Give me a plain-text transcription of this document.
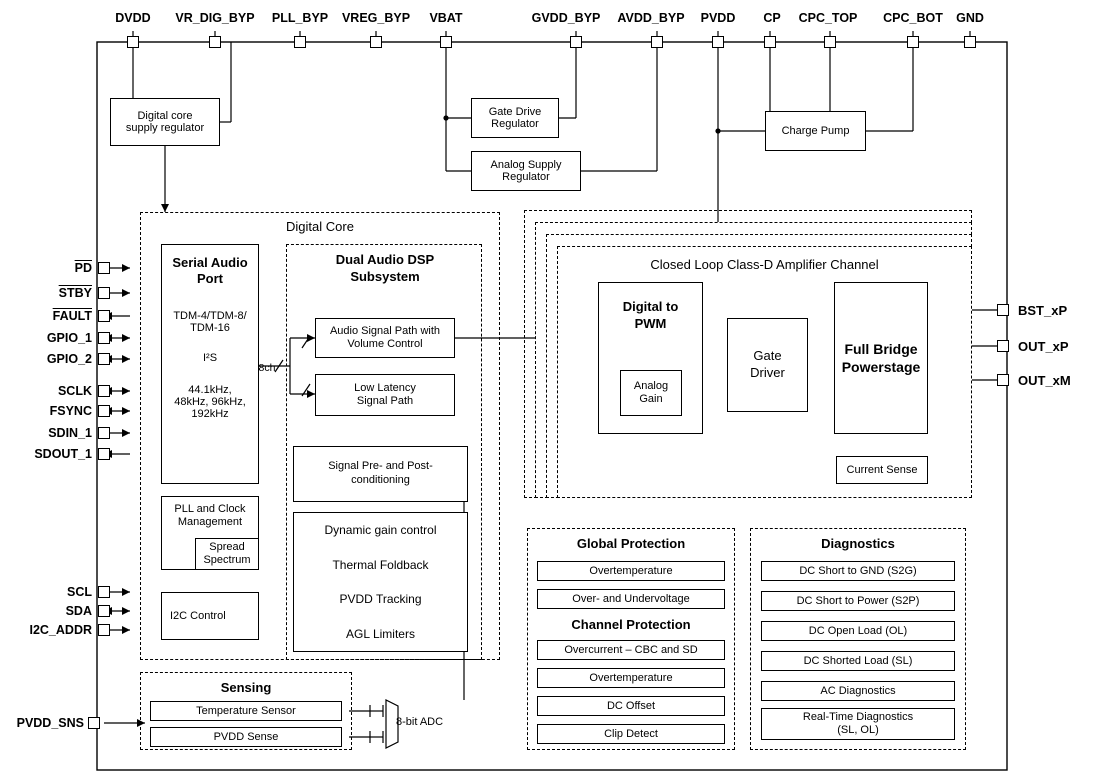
DVDD	VR_DIG_BYP	PLL_BYP	VREG_BYP	VBAT	GVDD_BYP	AVDD_BYP	PVDD	CP	CPC_TOP	CPC_BOT	GND
$\overline{PD}$
STBY
FAULT
GPIO_1
GPIO_2
SCLK
FSYNC
SDIN_1
SDOUT_1
SCL
SDA
I2C_ADDR
PVDD_SNS
BST_xP
OUT_xP
OUT_xM
Digital core
supply regulator
Gate Drive
Regulator
Analog Supply
Regulator
Charge Pump
Digital Core
Serial Audio
Port
TDM-4/TDM-8/
TDM-16
I²S
44.1kHz,
48kHz, 96kHz,
192kHz
PLL and Clock
Management
Spread
Spectrum
I2C Control
Dual Audio DSP
Subsystem
Audio Signal Path with
Volume Control
Low Latency
Signal Path
8ch
Signal Pre- and Post-
conditioning
Dynamic gain control
Thermal Foldback
PVDD Tracking
AGL Limiters
Closed Loop Class-D Amplifier Channel
Digital to
PWM
Analog
Gain
Gate
Driver
Full Bridge
Powerstage
Current Sense
Global Protection
Overtemperature
Over- and Undervoltage
Channel Protection
Overcurrent – CBC and SD
Overtemperature
DC Offset
Clip Detect
Diagnostics
DC Short to GND (S2G)
DC Short to Power (S2P)
DC Open Load (OL)
DC Shorted Load (SL)
AC Diagnostics
Real-Time Diagnostics
(SL, OL)
Sensing
Temperature Sensor
PVDD Sense
8-bit ADC
